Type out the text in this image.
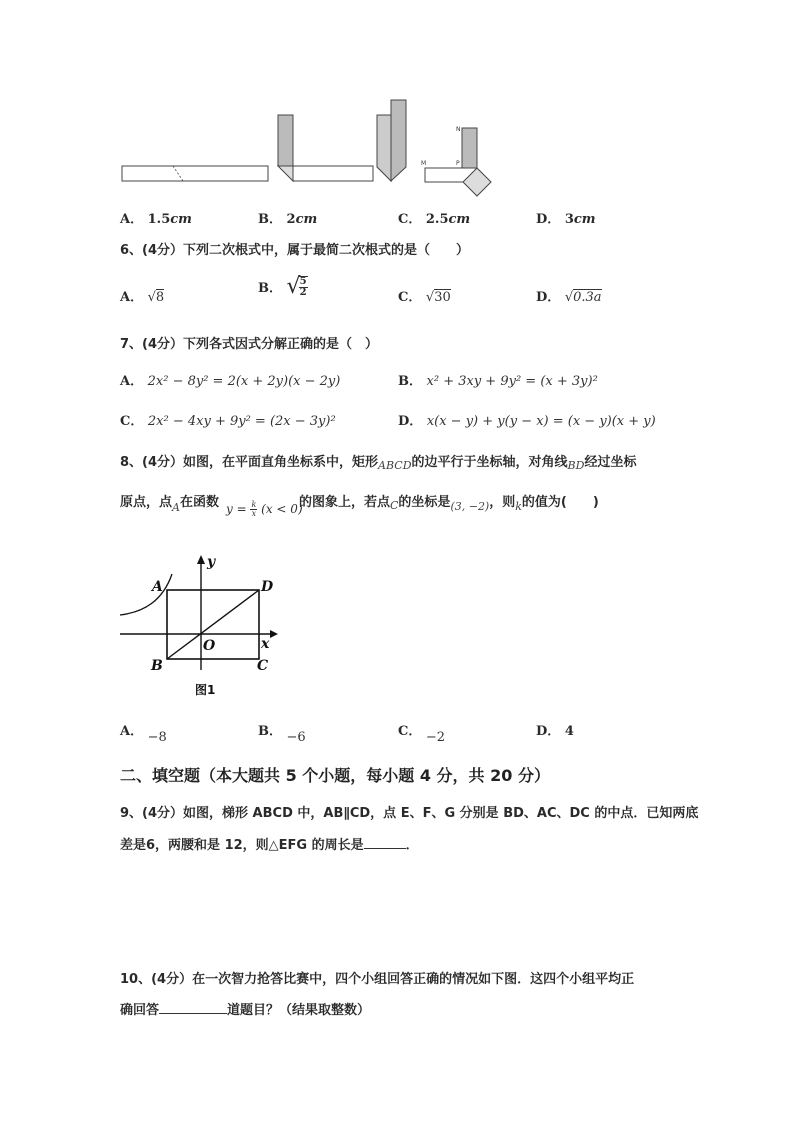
M	P
N
A． 1.5cm	B． 2cm	C． 2.5cm	D． 3cm
6、(4分）下列二次根式中，属于最简二次根式的是（　　）
A． √8
B． √
$\frac{5}{2}$	C． √30	D． √0.3a
7、(4分）下列各式因式分解正确的是（　）
A． 2x² − 8y² = 2(x + 2y)(x − 2y)	B． x² + 3xy + 9y² = (x + 3y)²
C． 2x² − 4xy + 9y² = (2x − 3y)²	D． x(x − y) + y(y − x) = (x − y)(x + y)
8、(4分）如图，在平面直角坐标系中，矩形$_{ABCD}$的边平行于坐标轴，对角线$_{BD}$经过坐标
原点，点$_A$在函数	的图象上，若点$_C$的坐标是$_{(3, -2)}$，则$_k$的值为(　　)
$y = \frac{k}{x} (x < 0)$
y
x
O
A
B	C
D
图1
A． −8	B． −6	C． −2	D． 4
二、填空题（本大题共 5 个小题，每小题 4 分，共 20 分）
9、(4分）如图，梯形 ABCD 中，AB∥CD，点 E、F、G 分别是 BD、AC、DC 的中点．已知两底
差是6，两腰和是 12，则△EFG 的周长是	．
10、(4分）在一次智力抢答比赛中，四个小组回答正确的情况如下图．这四个小组平均正
确回答	道题目？（结果取整数）
